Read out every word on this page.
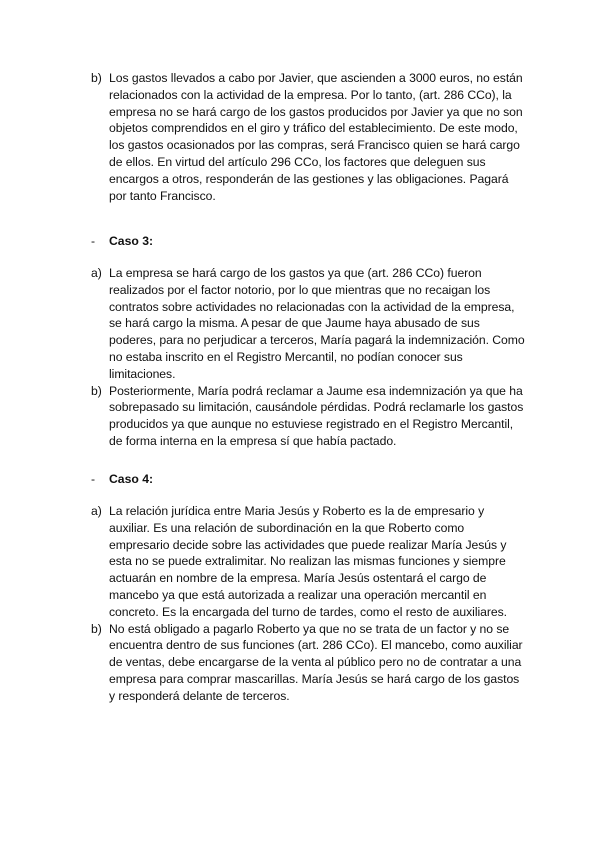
b) Los gastos llevados a cabo por Javier, que ascienden a 3000 euros, no están
relacionados con la actividad de la empresa. Por lo tanto, (art. 286 CCo), la
empresa no se hará cargo de los gastos producidos por Javier ya que no son
objetos comprendidos en el giro y tráfico del establecimiento. De este modo,
los gastos ocasionados por las compras, será Francisco quien se hará cargo
de ellos. En virtud del artículo 296 CCo, los factores que deleguen sus
encargos a otros, responderán de las gestiones y las obligaciones. Pagará
por tanto Francisco.
- Caso 3:
a) La empresa se hará cargo de los gastos ya que (art. 286 CCo) fueron
realizados por el factor notorio, por lo que mientras que no recaigan los
contratos sobre actividades no relacionadas con la actividad de la empresa,
se hará cargo la misma. A pesar de que Jaume haya abusado de sus
poderes, para no perjudicar a terceros, María pagará la indemnización. Como
no estaba inscrito en el Registro Mercantil, no podían conocer sus
limitaciones.
b) Posteriormente, María podrá reclamar a Jaume esa indemnización ya que ha
sobrepasado su limitación, causándole pérdidas. Podrá reclamarle los gastos
producidos ya que aunque no estuviese registrado en el Registro Mercantil,
de forma interna en la empresa sí que había pactado.
- Caso 4:
a) La relación jurídica entre Maria Jesús y Roberto es la de empresario y
auxiliar. Es una relación de subordinación en la que Roberto como
empresario decide sobre las actividades que puede realizar María Jesús y
esta no se puede extralimitar. No realizan las mismas funciones y siempre
actuarán en nombre de la empresa. María Jesús ostentará el cargo de
mancebo ya que está autorizada a realizar una operación mercantil en
concreto. Es la encargada del turno de tardes, como el resto de auxiliares.
b) No está obligado a pagarlo Roberto ya que no se trata de un factor y no se
encuentra dentro de sus funciones (art. 286 CCo). El mancebo, como auxiliar
de ventas, debe encargarse de la venta al público pero no de contratar a una
empresa para comprar mascarillas. María Jesús se hará cargo de los gastos
y responderá delante de terceros.
